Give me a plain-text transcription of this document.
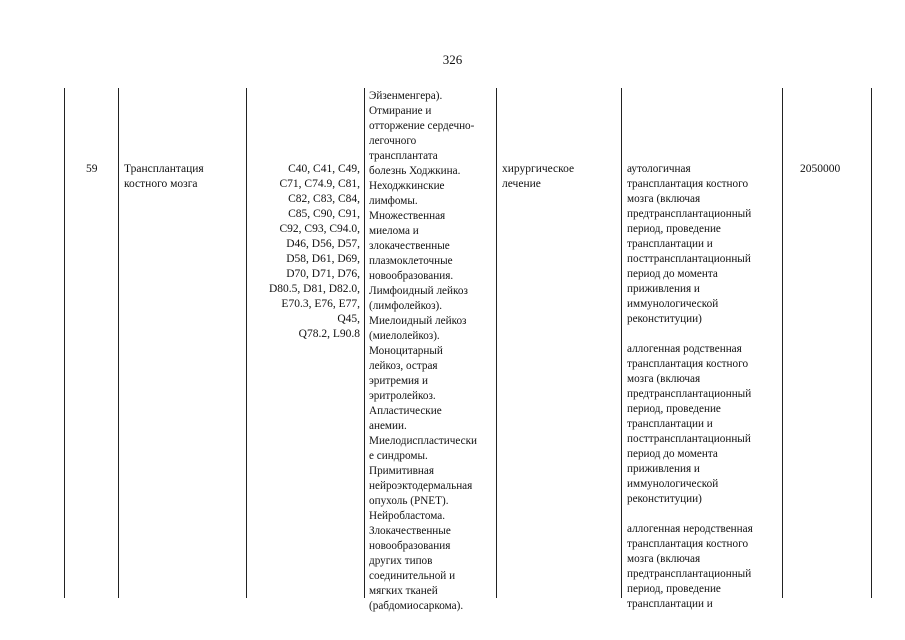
326
59 Трансплантация
костного мозга
C40, C41, C49,
C71, C74.9, C81,
C82, C83, C84,
C85, C90, C91,
C92, C93, C94.0,
D46, D56, D57,
D58, D61, D69,
D70, D71, D76,
D80.5, D81, D82.0,
E70.3, E76, E77,
Q45,
Q78.2, L90.8
Эйзенменгера).
Отмирание и
отторжение сердечно-
легочного
трансплантата
болезнь Ходжкина.
Неходжкинские
лимфомы.
Множественная
миелома и
злокачественные
плазмоклеточные
новообразования.
Лимфоидный лейкоз
(лимфолейкоз).
Миелоидный лейкоз
(миелолейкоз).
Моноцитарный
лейкоз, острая
эритремия и
эритролейкоз.
Апластические
анемии.
Миелодиспластически
е синдромы.
Примитивная
нейроэктодермальная
опухоль (PNET).
Нейробластома.
Злокачественные
новообразования
других типов
соединительной и
мягких тканей
(рабдомиосаркома).
хирургическое
лечение
аутологичная
трансплантация костного
мозга (включая
предтрансплантационный
период, проведение
трансплантации и
посттрансплантационный
период до момента
приживления и
иммунологической
реконституции)
аллогенная родственная
трансплантация костного
мозга (включая
предтрансплантационный
период, проведение
трансплантации и
посттрансплантационный
период до момента
приживления и
иммунологической
реконституции)
аллогенная неродственная
трансплантация костного
мозга (включая
предтрансплантационный
период, проведение
трансплантации и
2050000
